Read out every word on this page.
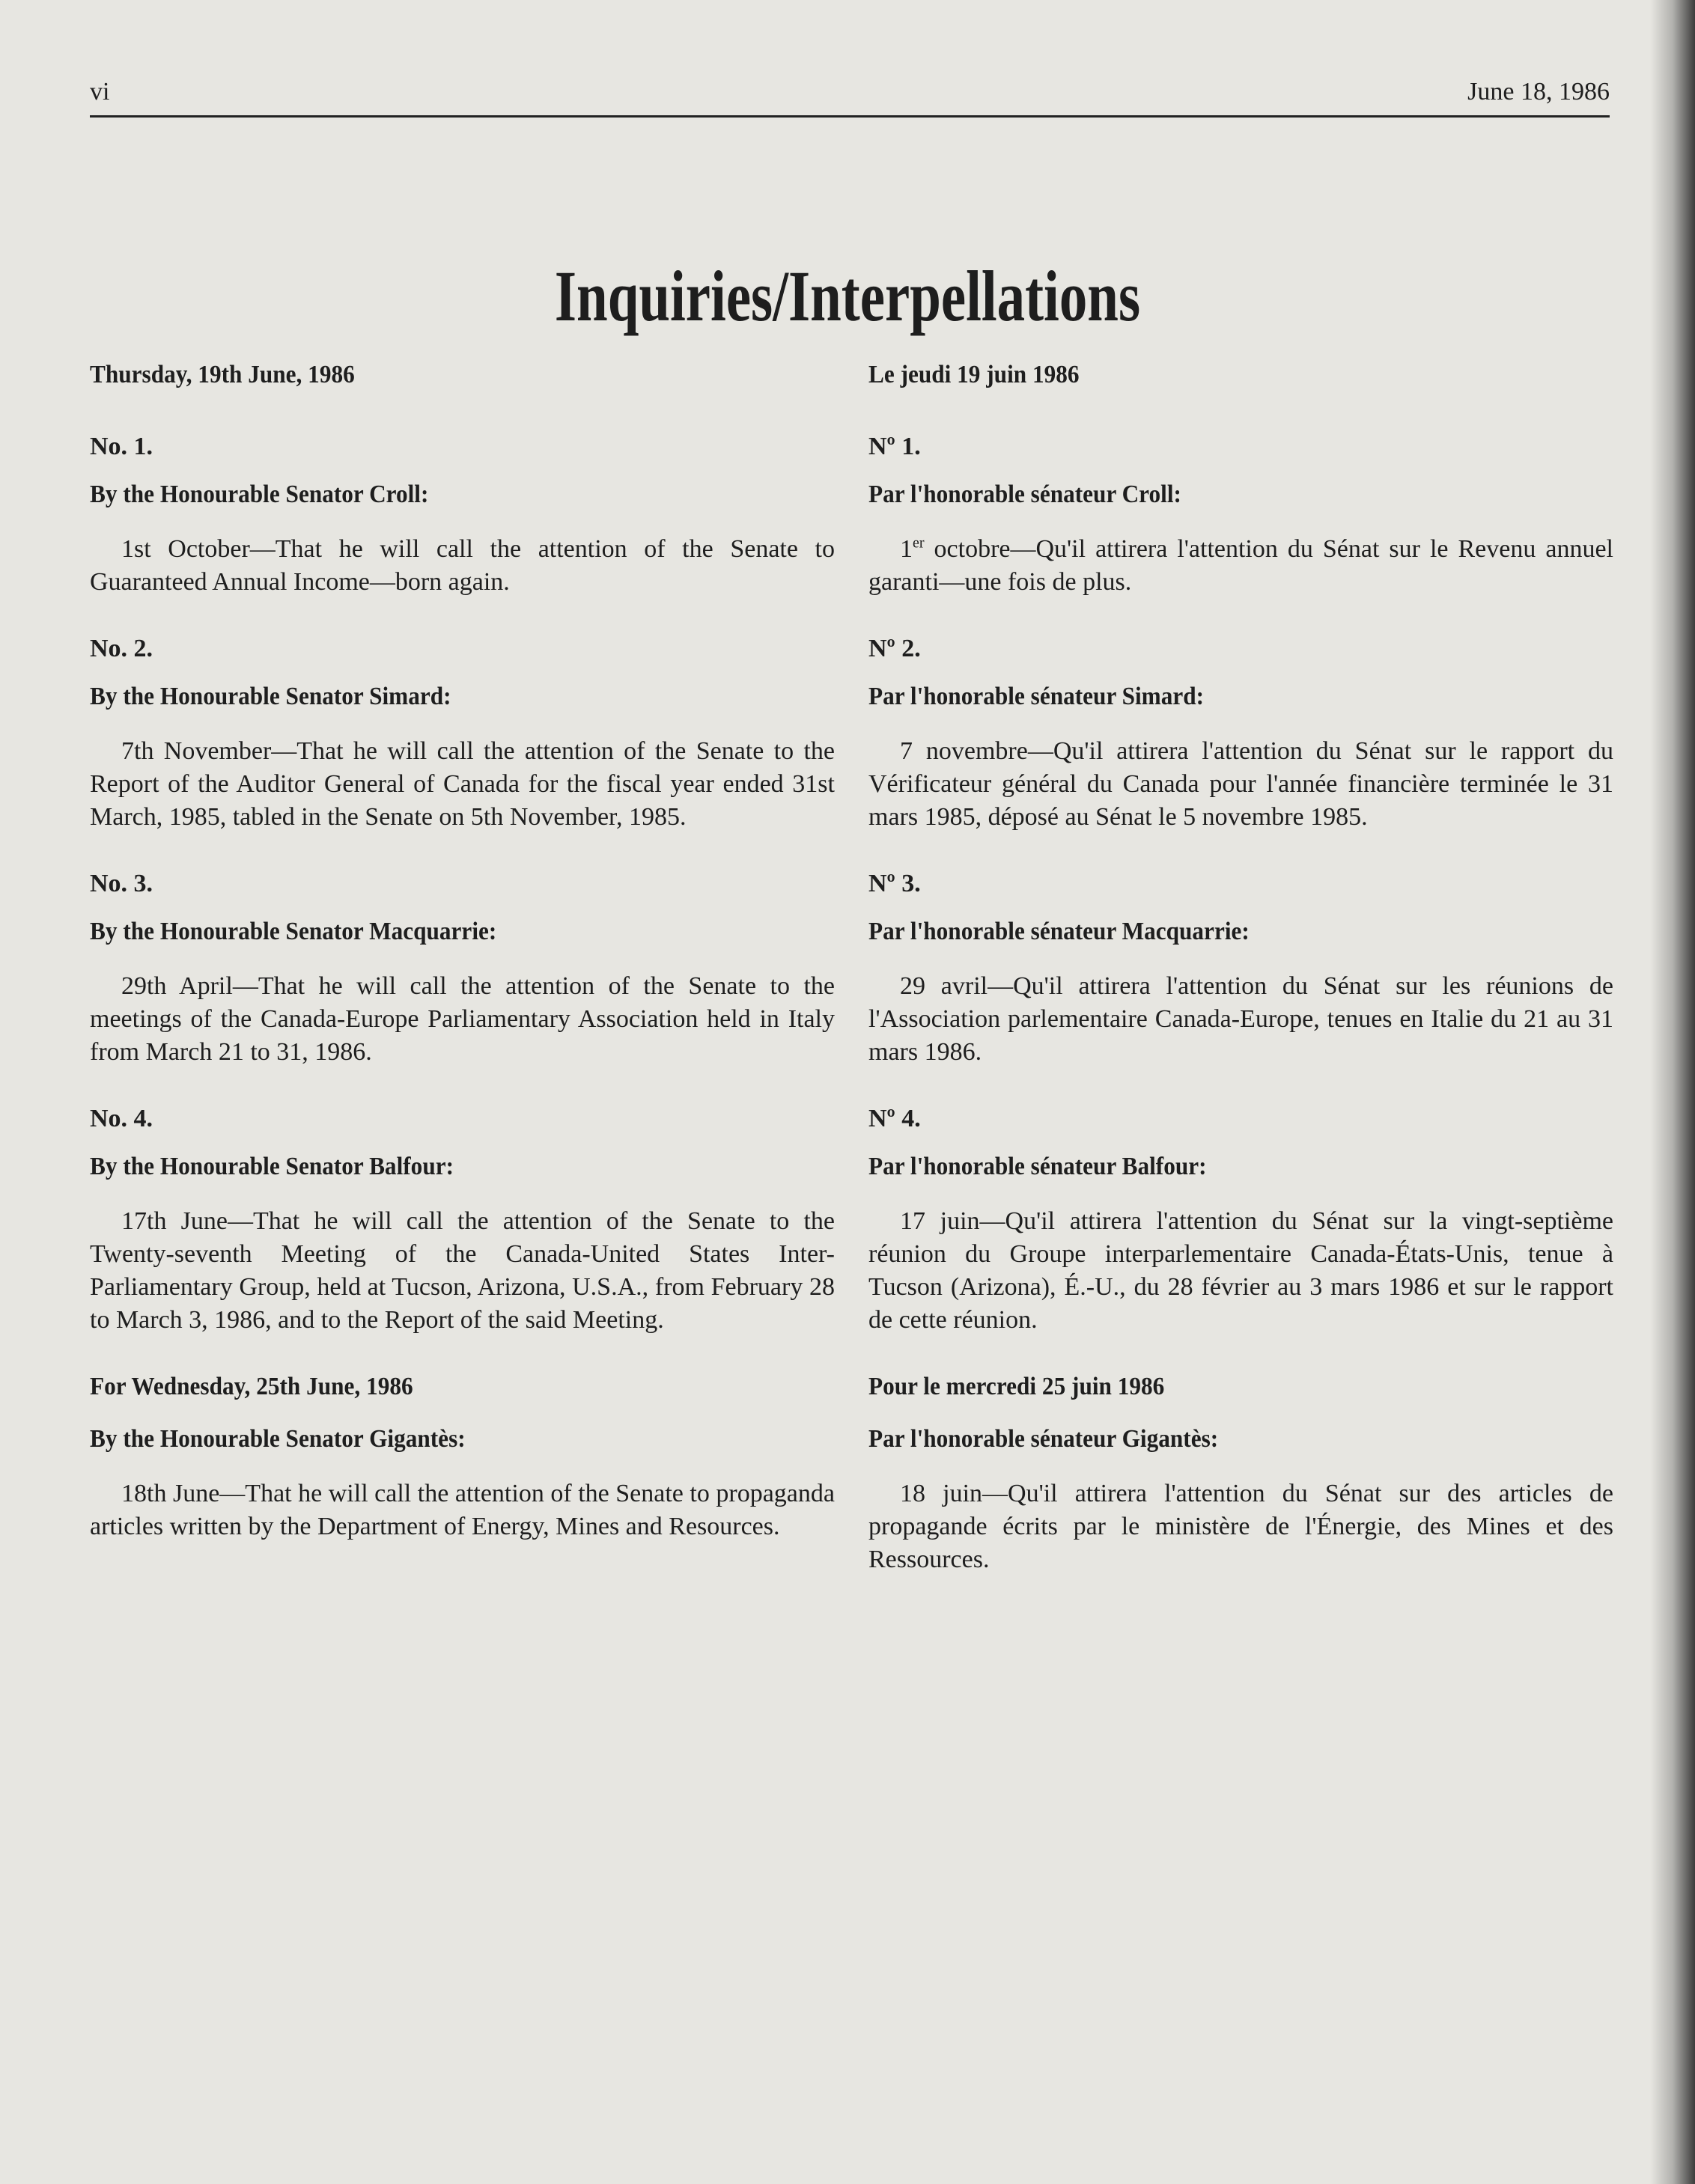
vi	June 18, 1986
Inquiries/Interpellations
Thursday, 19th June, 1986
No. 1.
By the Honourable Senator Croll:
1st October—That he will call the attention of the Senate to Guaranteed Annual Income—born again.
No. 2.
By the Honourable Senator Simard:
7th November—That he will call the attention of the Senate to the Report of the Auditor General of Canada for the fiscal year ended 31st March, 1985, tabled in the Senate on 5th November, 1985.
No. 3.
By the Honourable Senator Macquarrie:
29th April—That he will call the attention of the Senate to the meetings of the Canada-Europe Parliamentary Association held in Italy from March 21 to 31, 1986.
No. 4.
By the Honourable Senator Balfour:
17th June—That he will call the attention of the Senate to the Twenty-seventh Meeting of the Canada-United States Inter-Parliamentary Group, held at Tucson, Arizona, U.S.A., from February 28 to March 3, 1986, and to the Report of the said Meeting.
For Wednesday, 25th June, 1986
By the Honourable Senator Gigantès:
18th June—That he will call the attention of the Senate to propaganda articles written by the Department of Energy, Mines and Resources.
Le jeudi 19 juin 1986
Nº 1.
Par l'honorable sénateur Croll:
1er octobre—Qu'il attirera l'attention du Sénat sur le Revenu annuel garanti—une fois de plus.
Nº 2.
Par l'honorable sénateur Simard:
7 novembre—Qu'il attirera l'attention du Sénat sur le rapport du Vérificateur général du Canada pour l'année financière terminée le 31 mars 1985, déposé au Sénat le 5 novembre 1985.
Nº 3.
Par l'honorable sénateur Macquarrie:
29 avril—Qu'il attirera l'attention du Sénat sur les réunions de l'Association parlementaire Canada-Europe, tenues en Italie du 21 au 31 mars 1986.
Nº 4.
Par l'honorable sénateur Balfour:
17 juin—Qu'il attirera l'attention du Sénat sur la vingt-septième réunion du Groupe interparlementaire Canada-États-Unis, tenue à Tucson (Arizona), É.-U., du 28 février au 3 mars 1986 et sur le rapport de cette réunion.
Pour le mercredi 25 juin 1986
Par l'honorable sénateur Gigantès:
18 juin—Qu'il attirera l'attention du Sénat sur des articles de propagande écrits par le ministère de l'Énergie, des Mines et des Ressources.
